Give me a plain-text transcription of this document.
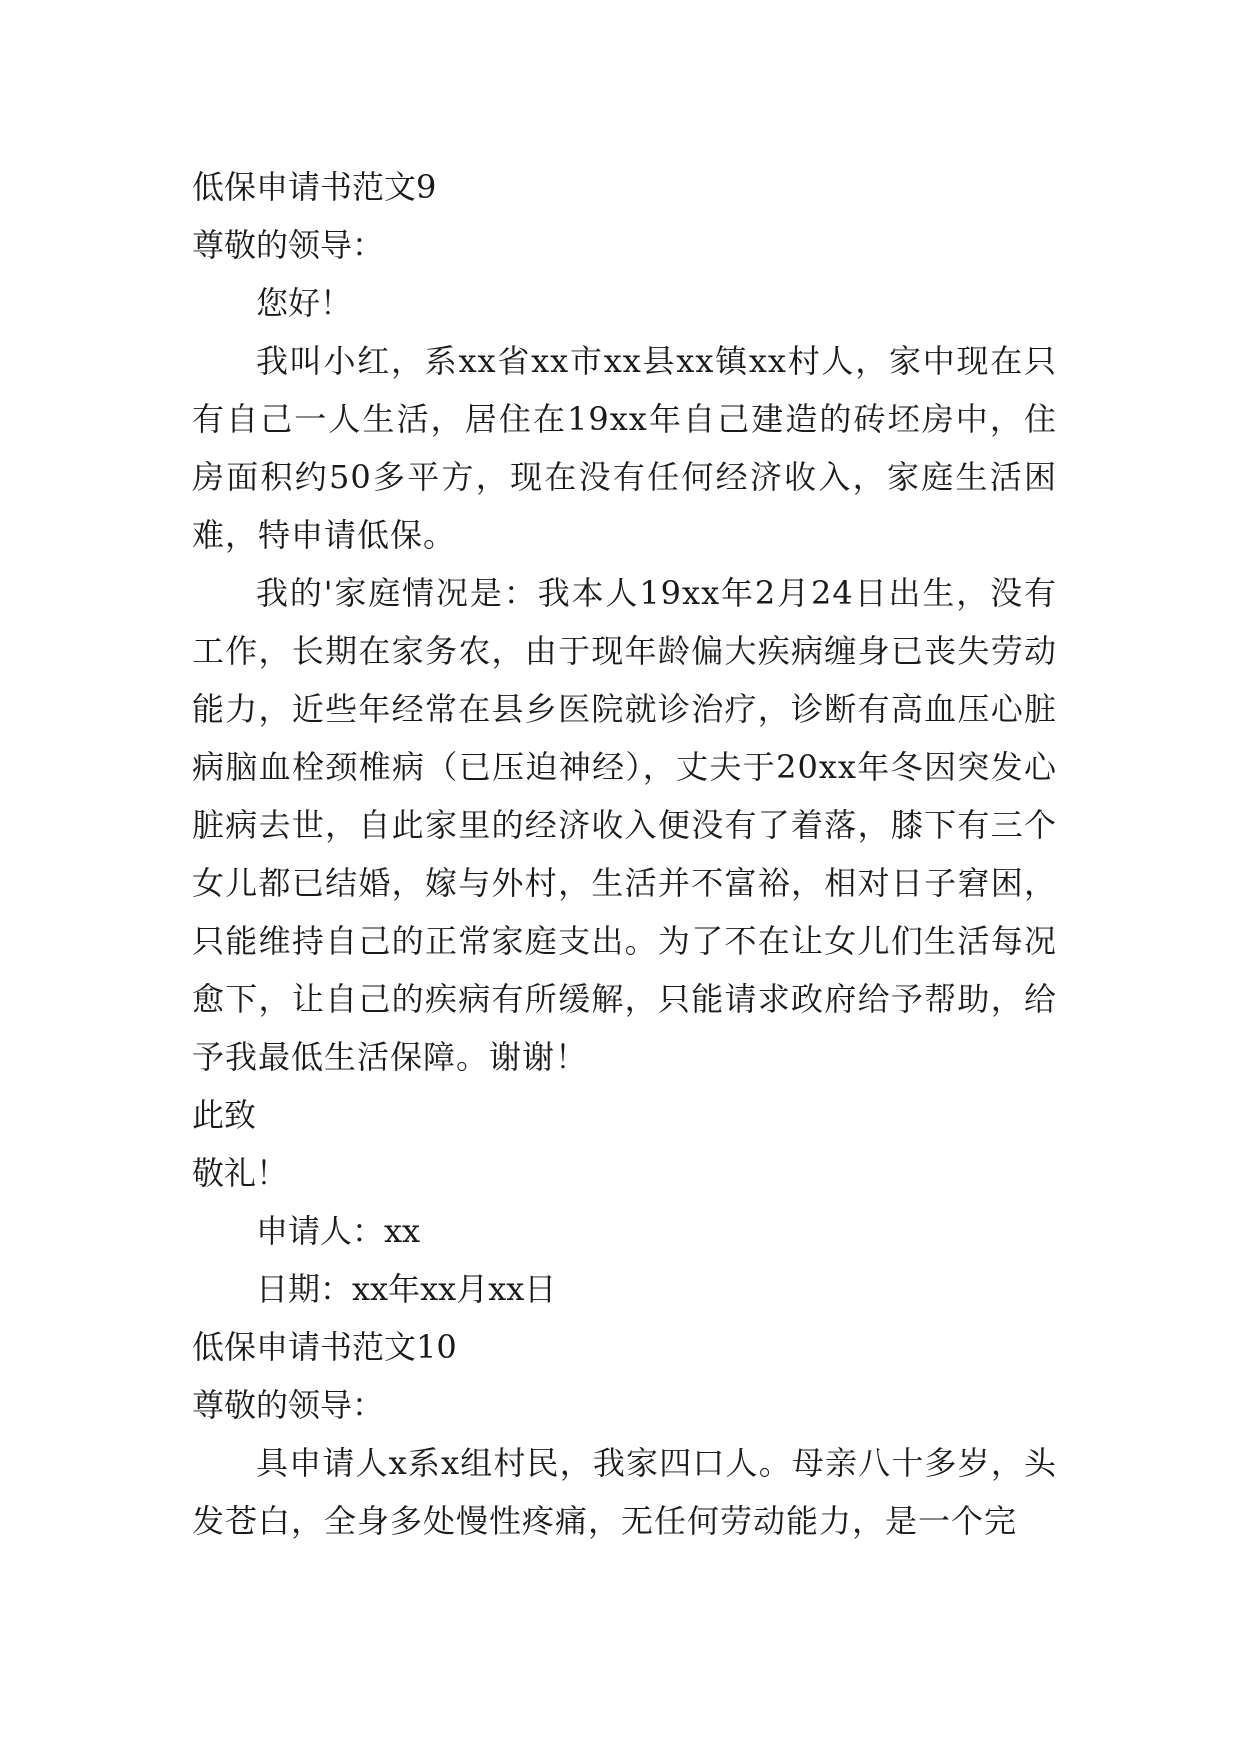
低保申请书范文9

尊敬的领导：

您好！

我叫小红，系xx省xx市xx县xx镇xx村人，家中现在只有自己一人生活，居住在19xx年自己建造的砖坯房中，住房面积约50多平方，现在没有任何经济收入，家庭生活困难，特申请低保。

我的'家庭情况是：我本人19xx年2月24日出生，没有工作，长期在家务农，由于现年龄偏大疾病缠身已丧失劳动能力，近些年经常在县乡医院就诊治疗，诊断有高血压心脏病脑血栓颈椎病（已压迫神经），丈夫于20xx年冬因突发心脏病去世，自此家里的经济收入便没有了着落，膝下有三个女儿都已结婚，嫁与外村，生活并不富裕，相对日子窘困，只能维持自己的正常家庭支出。为了不在让女儿们生活每况愈下，让自己的疾病有所缓解，只能请求政府给予帮助，给予我最低生活保障。谢谢！

此致

敬礼！

申请人：xx

日期：xx年xx月xx日

低保申请书范文10

尊敬的领导：

具申请人x系x组村民，我家四口人。母亲八十多岁，头发苍白，全身多处慢性疼痛，无任何劳动能力，是一个完
